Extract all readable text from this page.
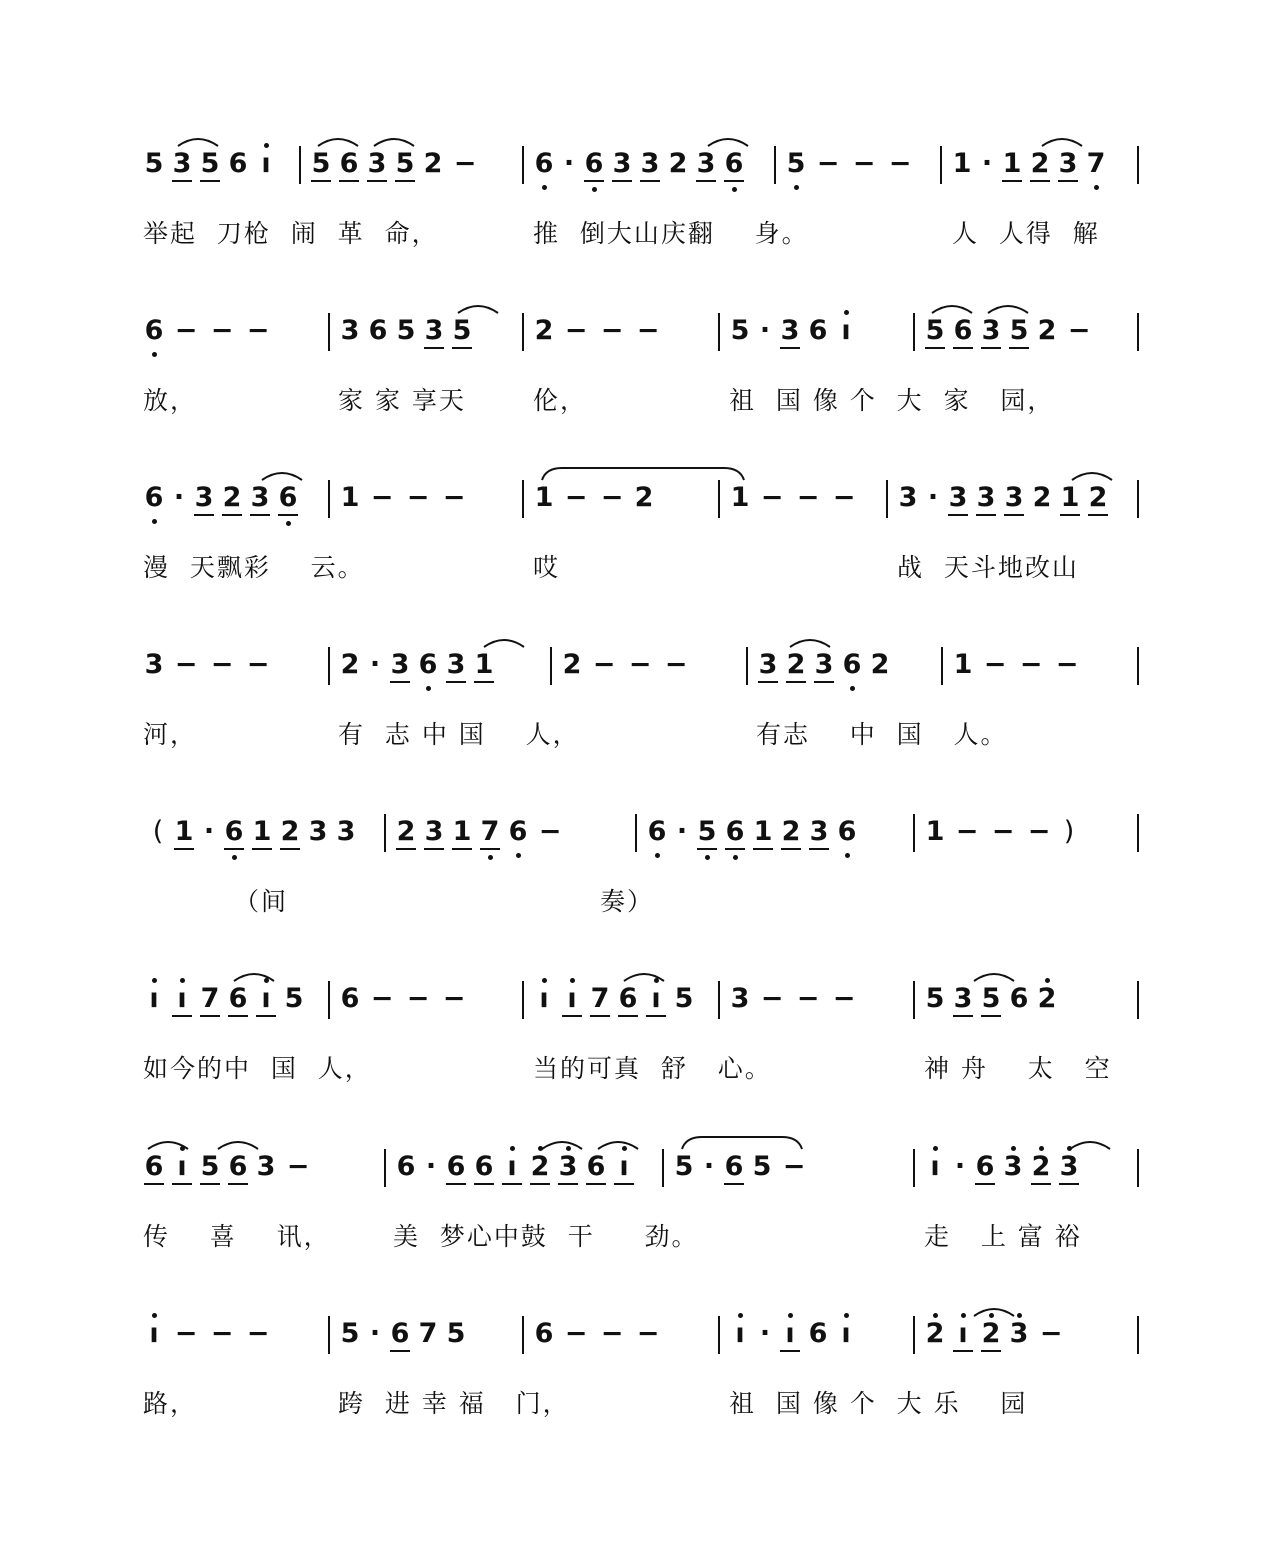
5 3 5 6 ı	5 6 3 5 2 − 6 · 6 3 3 2 3 6 5 − − − 1 · 1 2 3 7
举起  刀枪  闹  革  命，	推  倒大山庆翻    身。	人  人得  解
6 − − −	3 6 5 3 5 2 − − −	5 · 3 6 ı	5 6 3 5 2 −
放，	家 家 享天	伦，	祖  国 像 个  大  家   园，
6 · 3 2 3 6 1 − − −	1 − − 2	1 − − − 3 · 3 3 3 2 1 2
漫  天飘彩    云。	哎	战  天斗地改山
3 − − −	2 · 3 6 3 1	2 − − −	3 2 3 6 2 1 − − −
河，	有  志 中 国    人，	有志    中  国   人。
( 1 · 6 1 2 3 3 2 3 1 7 6 −	6 · 5 6 1 2 3 6	1 − − − )
（间	奏）
ı ı 7 6 ı 5 6 − − −	ı ı 7 6 ı 5 3 − − −	5 3 5 6 2
如今的中  国  人，	当的可真  舒   心。	神 舟    太   空
6 ı 5 6 3 −	6 · 6 6 ı 2 3 6 ı	5 · 6 5 −	ı · 6 3 2 3
传    喜    讯， 美  梦心中鼓  干     劲。	走   上 富 裕
ı − − −	5 · 6 7 5	6 − − −	ı · ı 6 ı	2 ı 2 3 −
路，	跨  进 幸 福   门，	祖  国 像 个  大 乐    园
